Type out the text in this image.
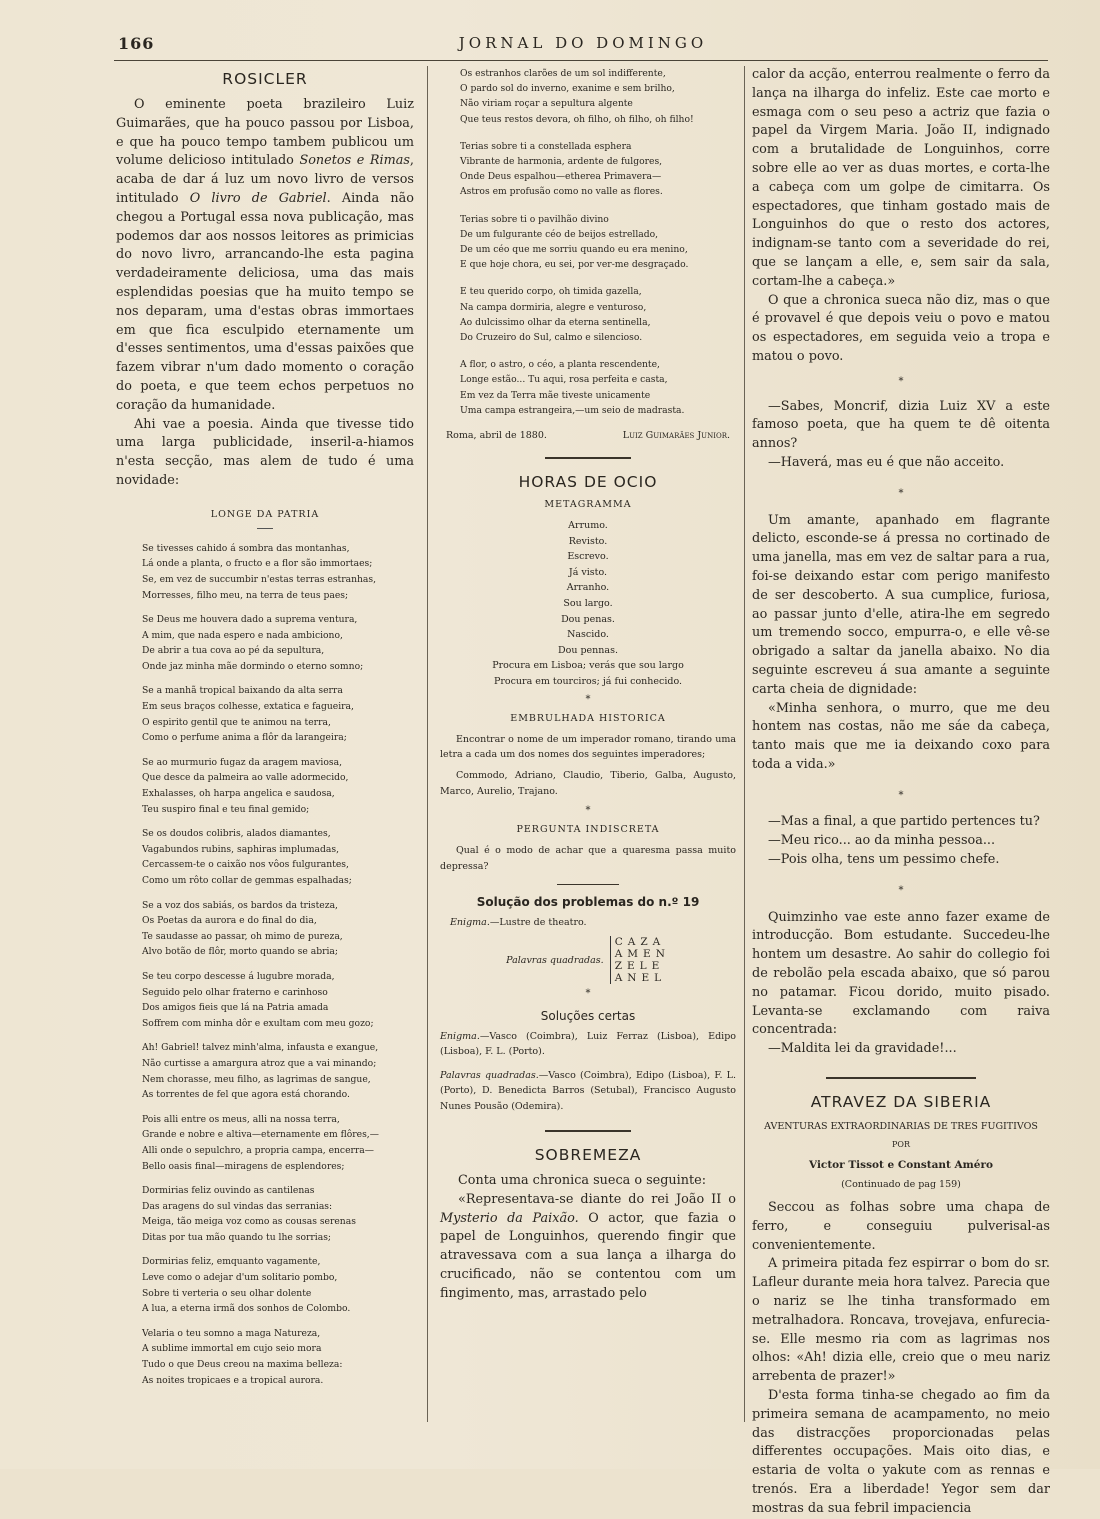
166	JORNAL DO DOMINGO
ROSICLER

O eminente poeta brazileiro Luiz Guimarães, que ha pouco passou por Lisboa, e que ha pouco tempo tambem publicou um volume delicioso intitulado Sonetos e Rimas, acaba de dar á luz um novo livro de versos intitulado O livro de Gabriel. Ainda não chegou a Portugal essa nova publicação, mas podemos dar aos nossos leitores as primicias do novo livro, arrancando-lhe esta pagina verdadeiramente deliciosa, uma das mais esplendidas poesias que ha muito tempo se nos deparam, uma d'estas obras immortaes em que fica esculpido eternamente um d'esses sentimentos, uma d'essas paixões que fazem vibrar n'um dado momento o coração do poeta, e que teem echos perpetuos no coração da humanidade.

Ahi vae a poesia. Ainda que tivesse tido uma larga publicidade, inseril-a-hiamos n'esta secção, mas alem de tudo é uma novidade:

LONGE DA PATRIA
Se tivesses cahido á sombra das montanhas,
Lá onde a planta, o fructo e a flor são immortaes;
Se, em vez de succumbir n'estas terras estranhas,
Morresses, filho meu, na terra de teus paes;
Se Deus me houvera dado a suprema ventura,
A mim, que nada espero e nada ambiciono,
De abrir a tua cova ao pé da sepultura,
Onde jaz minha mãe dormindo o eterno somno;
Se a manhã tropical baixando da alta serra
Em seus braços colhesse, extatica e fagueira,
O espirito gentil que te animou na terra,
Como o perfume anima a flôr da larangeira;
Se ao murmurio fugaz da aragem maviosa,
Que desce da palmeira ao valle adormecido,
Exhalasses, oh harpa angelica e saudosa,
Teu suspiro final e teu final gemido;
Se os doudos colibris, alados diamantes,
Vagabundos rubins, saphiras implumadas,
Cercassem-te o caixão nos vôos fulgurantes,
Como um rôto collar de gemmas espalhadas;
Se a voz dos sabiás, os bardos da tristeza,
Os Poetas da aurora e do final do dia,
Te saudasse ao passar, oh mimo de pureza,
Alvo botão de flôr, morto quando se abria;
Se teu corpo descesse á lugubre morada,
Seguido pelo olhar fraterno e carinhoso
Dos amigos fieis que lá na Patria amada
Soffrem com minha dôr e exultam com meu gozo;
Ah! Gabriel! talvez minh'alma, infausta e exangue,
Não curtisse a amargura atroz que a vai minando;
Nem chorasse, meu filho, as lagrimas de sangue,
As torrentes de fel que agora está chorando.
Pois alli entre os meus, alli na nossa terra,
Grande e nobre e altiva—eternamente em flôres,—
Alli onde o sepulchro, a propria campa, encerra—
Bello oasis final—miragens de esplendores;
Dormirias feliz ouvindo as cantilenas
Das aragens do sul vindas das serranias:
Meiga, tão meiga voz como as cousas serenas
Ditas por tua mão quando tu lhe sorrias;
Dormirias feliz, emquanto vagamente,
Leve como o adejar d'um solitario pombo,
Sobre ti verteria o seu olhar dolente
A lua, a eterna irmã dos sonhos de Colombo.
Velaria o teu somno a maga Natureza,
A sublime immortal em cujo seio mora
Tudo o que Deus creou na maxima belleza:
As noites tropicaes e a tropical aurora.
Os estranhos clarões de um sol indifferente,
O pardo sol do inverno, exanime e sem brilho,
Não viriam roçar a sepultura algente
Que teus restos devora, oh filho, oh filho, oh filho!
Terias sobre ti a constellada esphera
Vibrante de harmonia, ardente de fulgores,
Onde Deus espalhou—etherea Primavera—
Astros em profusão como no valle as flores.
Terias sobre ti o pavilhão divino
De um fulgurante céo de beijos estrellado,
De um céo que me sorriu quando eu era menino,
E que hoje chora, eu sei, por ver-me desgraçado.
E teu querido corpo, oh timida gazella,
Na campa dormiria, alegre e venturoso,
Ao dulcissimo olhar da eterna sentinella,
Do Cruzeiro do Sul, calmo e silencioso.
A flor, o astro, o céo, a planta rescendente,
Longe estão... Tu aqui, rosa perfeita e casta,
Em vez da Terra mãe tiveste unicamente
Uma campa estrangeira,—um seio de madrasta.
Roma, abril de 1880.	Luiz Guimarães Junior.
HORAS DE OCIO
METAGRAMMA
Arrumo.
Revisto.
Escrevo.
Já visto.
Arranho.
Sou largo.
Dou penas.
Nascido.
Dou pennas.
Procura em Lisboa; verás que sou largo
Procura em tourciros; já fui conhecido.
*
EMBRULHADA HISTORICA

Encontrar o nome de um imperador romano, tirando uma letra a cada um dos nomes dos seguintes imperadores;

Commodo, Adriano, Claudio, Tiberio, Galba, Augusto, Marco, Aurelio, Trajano.

*
PERGUNTA INDISCRETA

Qual é o modo de achar que a quaresma passa muito depressa?

Solução dos problemas do n.º 19
Enigma.—Lustre de theatro.
Palavras quadradas.
CAZA
AMEN
ZELE
ANEL
*
Soluções certas

Enigma.—Vasco (Coimbra), Luiz Ferraz (Lisboa), Edipo (Lisboa), F. L. (Porto).

Palavras quadradas.—Vasco (Coimbra), Edipo (Lisboa), F. L. (Porto), D. Benedicta Barros (Setubal), Francisco Augusto Nunes Pousão (Odemira).

SOBREMEZA

Conta uma chronica sueca o seguinte:

«Representava-se diante do rei João II o Mysterio da Paixão. O actor, que fazia o papel de Longuinhos, querendo fingir que atravessava com a sua lança a ilharga do crucificado, não se contentou com um fingimento, mas, arrastado pelo

calor da acção, enterrou realmente o ferro da lança na ilharga do infeliz. Este cae morto e esmaga com o seu peso a actriz que fazia o papel da Virgem Maria. João II, indignado com a brutalidade de Longuinhos, corre sobre elle ao ver as duas mortes, e corta-lhe a cabeça com um golpe de cimitarra. Os espectadores, que tinham gostado mais de Longuinhos do que o resto dos actores, indignam-se tanto com a severidade do rei, que se lançam a elle, e, sem sair da sala, cortam-lhe a cabeça.»

O que a chronica sueca não diz, mas o que é provavel é que depois veiu o povo e matou os espectadores, em seguida veio a tropa e matou o povo.

*

—Sabes, Moncrif, dizia Luiz XV a este famoso poeta, que ha quem te dê oitenta annos?

—Haverá, mas eu é que não acceito.

*

Um amante, apanhado em flagrante delicto, esconde-se á pressa no cortinado de uma janella, mas em vez de saltar para a rua, foi-se deixando estar com perigo manifesto de ser descoberto. A sua cumplice, furiosa, ao passar junto d'elle, atira-lhe em segredo um tremendo socco, empurra-o, e elle vê-se obrigado a saltar da janella abaixo. No dia seguinte escreveu á sua amante a seguinte carta cheia de dignidade:

«Minha senhora, o murro, que me deu hontem nas costas, não me sáe da cabeça, tanto mais que me ia deixando coxo para toda a vida.»

*

—Mas a final, a que partido pertences tu?

—Meu rico... ao da minha pessoa...

—Pois olha, tens um pessimo chefe.

*

Quimzinho vae este anno fazer exame de introducção. Bom estudante. Succedeu-lhe hontem um desastre. Ao sahir do collegio foi de rebolão pela escada abaixo, que só parou no patamar. Ficou dorido, muito pisado. Levanta-se exclamando com raiva concentrada:

—Maldita lei da gravidade!...

ATRAVEZ DA SIBERIA
AVENTURAS EXTRAORDINARIAS DE TRES FUGITIVOS
POR
Victor Tissot e Constant Améro
(Continuado de pag 159)

Seccou as folhas sobre uma chapa de ferro, e conseguiu pulverisal-as convenientemente.

A primeira pitada fez espirrar o bom do sr. Lafleur durante meia hora talvez. Parecia que o nariz se lhe tinha transformado em metralhadora. Roncava, trovejava, enfurecia-se. Elle mesmo ria com as lagrimas nos olhos: «Ah! dizia elle, creio que o meu nariz arrebenta de prazer!»

D'esta forma tinha-se chegado ao fim da primeira semana de acampamento, no meio das distracções proporcionadas pelas differentes occupações. Mais oito dias, e estaria de volta o yakute com as rennas e trenós. Era a liberdade! Yegor sem dar mostras da sua febril impaciencia
